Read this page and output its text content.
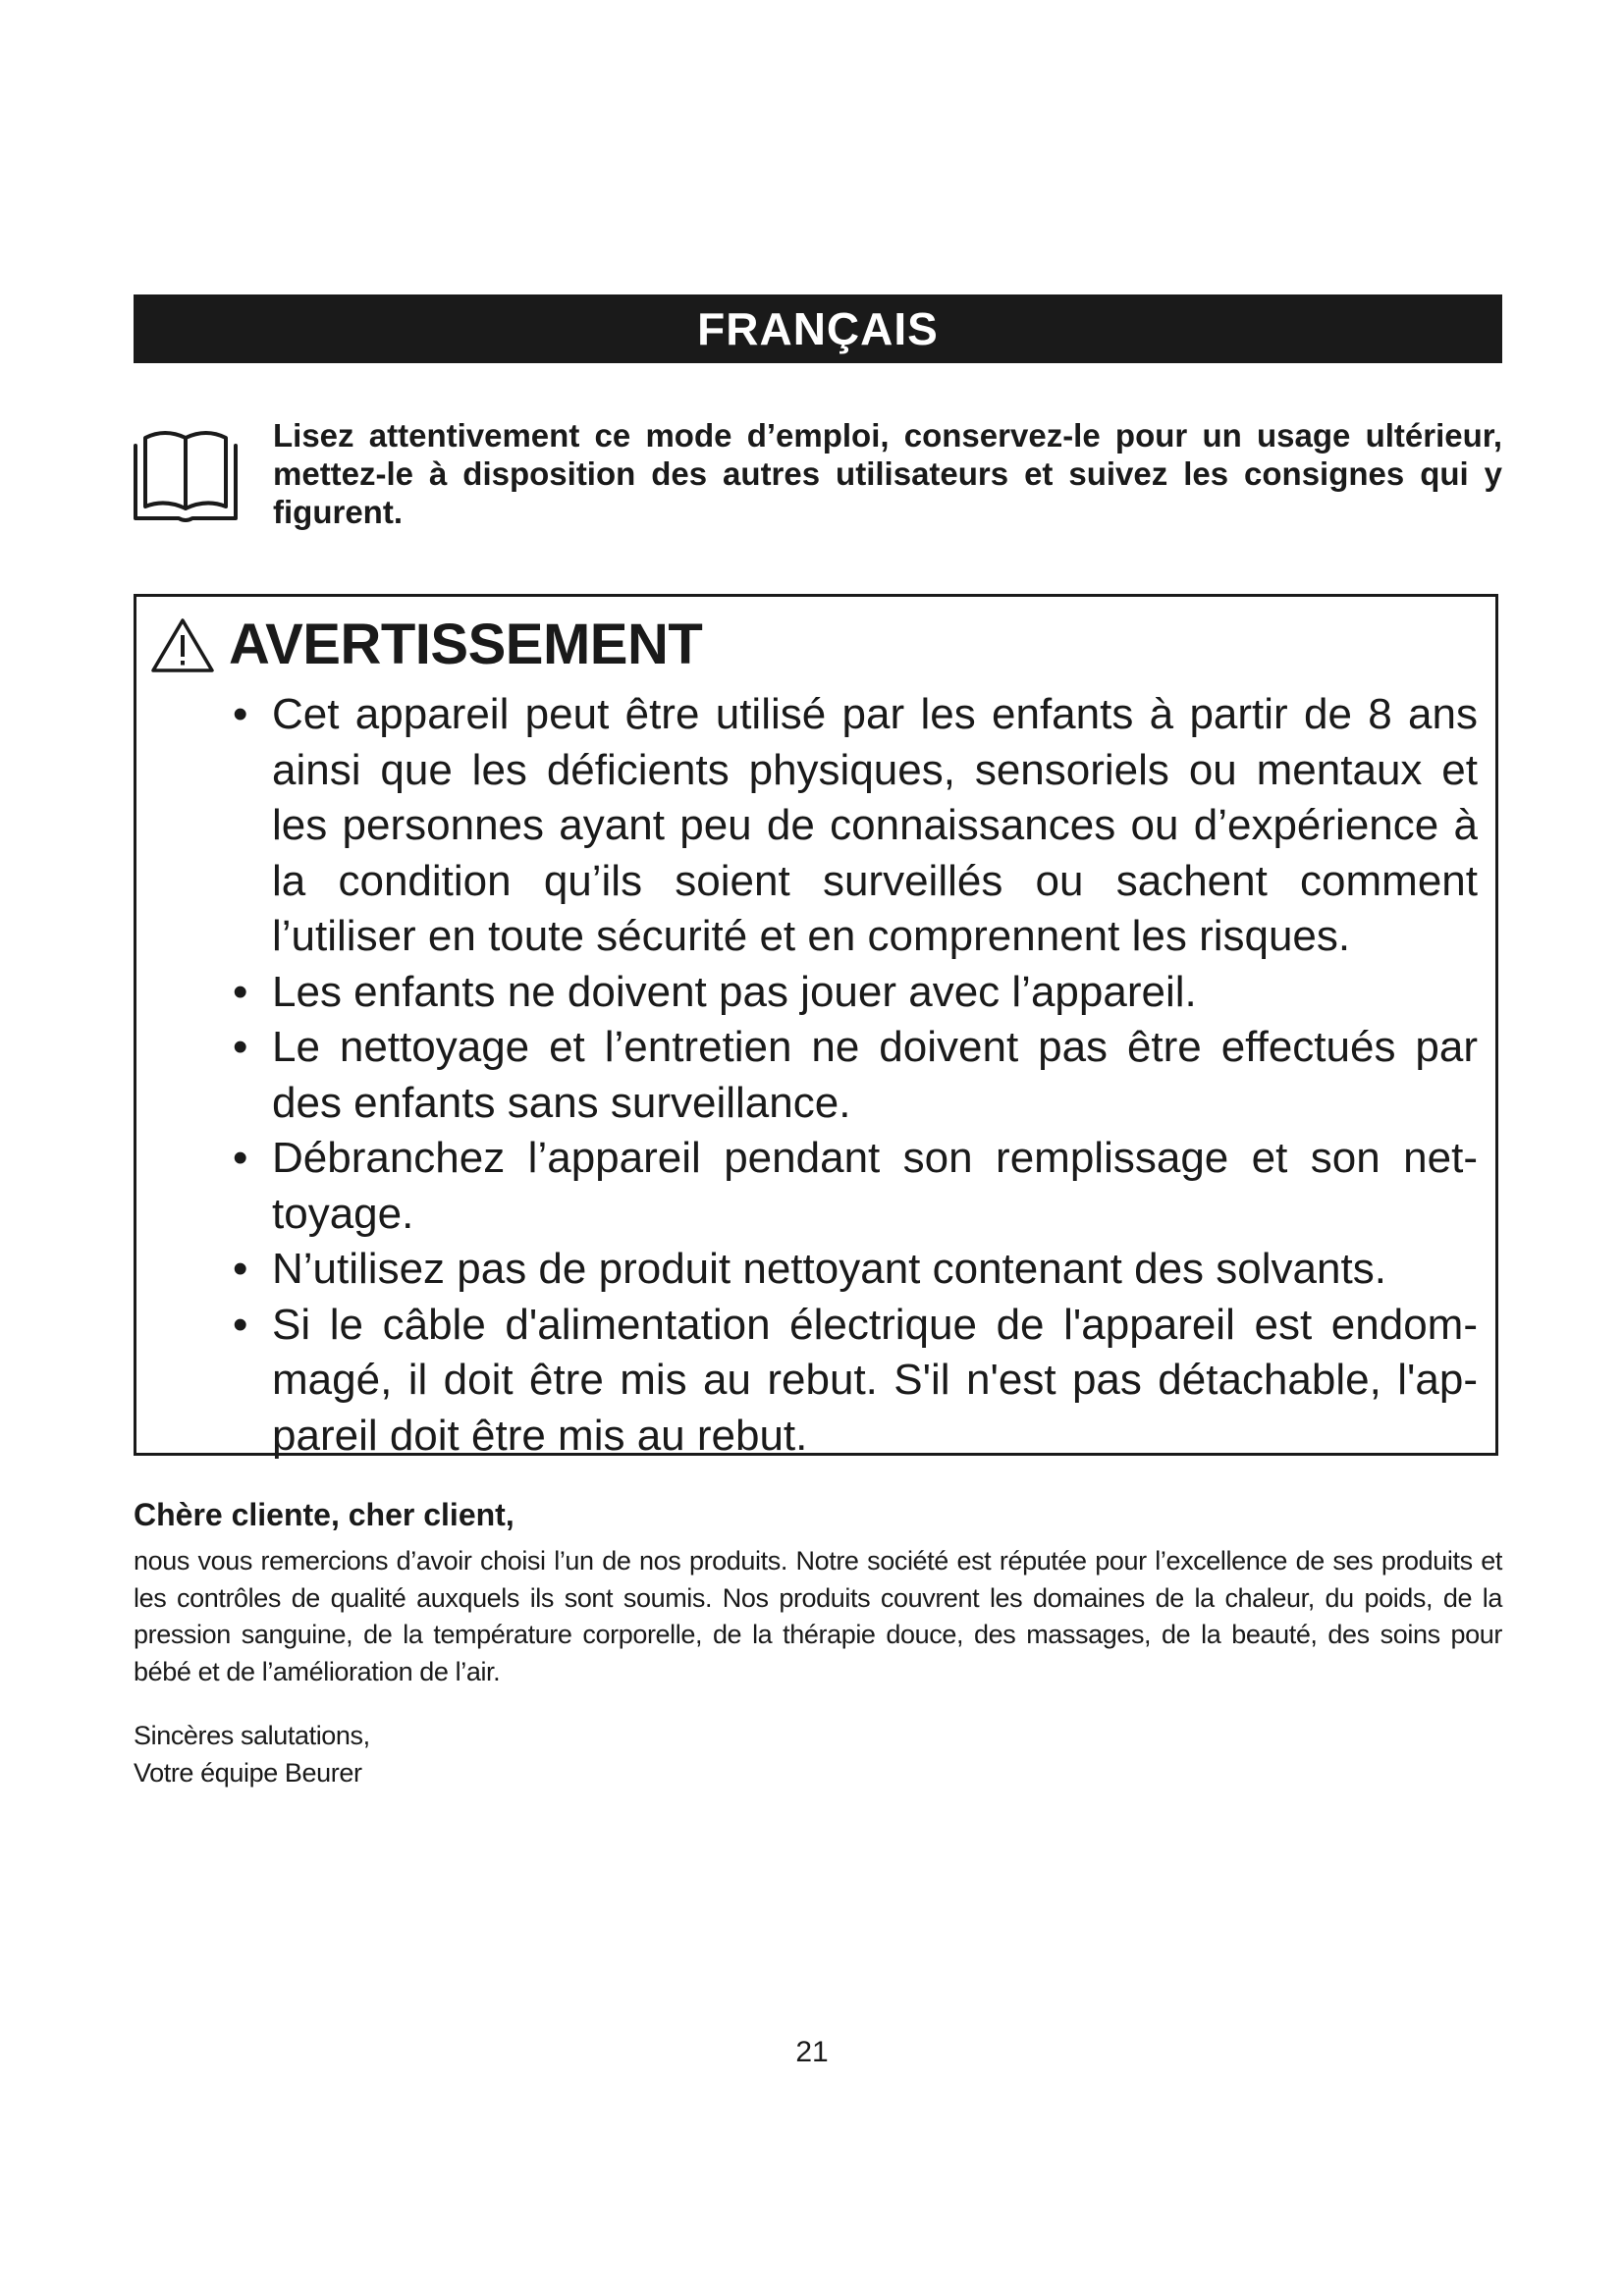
FRANÇAIS
Lisez attentivement ce mode d’emploi, conservez-le pour un usage ultérieur, mettez-le à disposition des autres utilisateurs et suivez les consignes qui y figurent.
AVERTISSEMENT
• Cet appareil peut être utilisé par les enfants à partir de 8 ans ainsi que les déficients physiques, sensoriels ou mentaux et les personnes ayant peu de connaissances ou d’expérience à la condition qu’ils soient surveillés ou sachent comment l’utiliser en toute sécurité et en comprennent les risques.
• Les enfants ne doivent pas jouer avec l’appareil.
• Le nettoyage et l’entretien ne doivent pas être effectués par des enfants sans surveillance.
• Débranchez l’appareil pendant son remplissage et son nettoyage.
• N’utilisez pas de produit nettoyant contenant des solvants.
• Si le câble d'alimentation électrique de l'appareil est endommagé, il doit être mis au rebut. S'il n'est pas détachable, l'appareil doit être mis au rebut.
Chère cliente, cher client,
nous vous remercions d’avoir choisi l’un de nos produits. Notre société est réputée pour l’excellence de ses produits et les contrôles de qualité auxquels ils sont soumis. Nos produits couvrent les domaines de la chaleur, du poids, de la pression sanguine, de la température corporelle, de la thérapie douce, des massages, de la beauté, des soins pour bébé et de l’amélioration de l’air.
Sincères salutations,
Votre équipe Beurer
21
